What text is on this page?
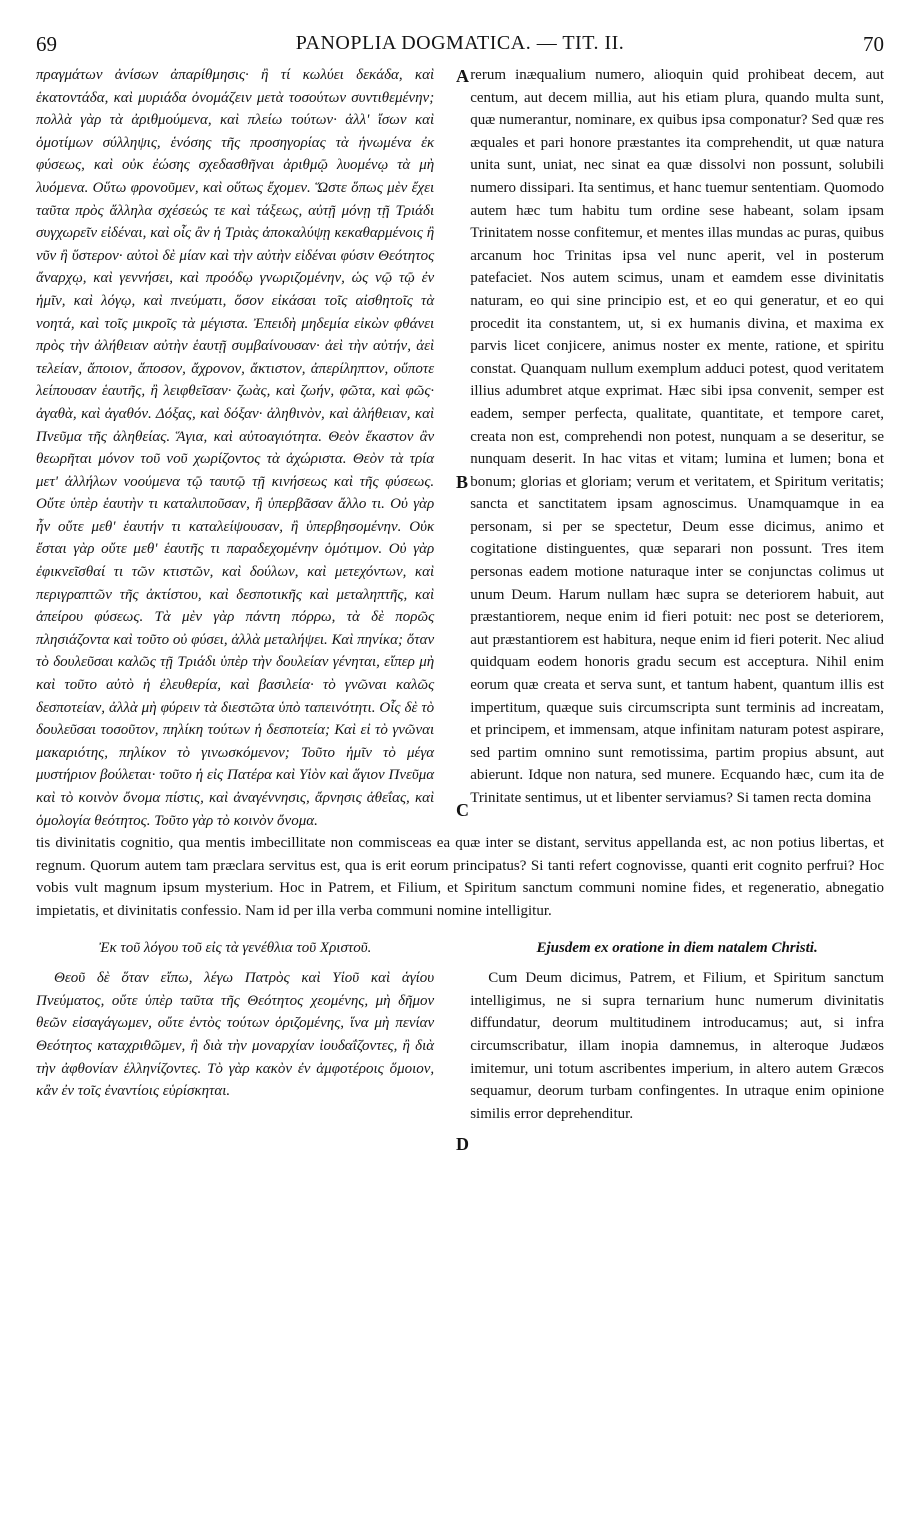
69	PANOPLIA DOGMATICA. — TIT. II.	70

πραγμάτων ἀνίσων ἀπαρίθμησις· ἢ τί κωλύει δεκάδα, καὶ ἑκατοντάδα, καὶ μυριάδα ὀνομάζειν μετὰ τοσούτων συντιθεμένην; πολλὰ γὰρ τὰ ἀριθμούμενα, καὶ πλείω τούτων· ἀλλ' ἴσων καὶ ὁμοτίμων σύλληψις, ἑνόσης τῆς προσηγορίας τὰ ἡνωμένα ἐκ φύσεως, καὶ οὐκ ἐώσης σχεδασθῆναι ἀριθμῷ λυομένῳ τὰ μὴ λυόμενα. Οὕτω φρονοῦμεν, καὶ οὕτως ἔχομεν. Ὥστε ὅπως μὲν ἔχει ταῦτα πρὸς ἄλληλα σχέσεώς τε καὶ τάξεως, αὐτῇ μόνῃ τῇ Τριάδι συγχωρεῖν εἰδέναι, καὶ οἷς ἂν ἡ Τριὰς ἀποκαλύψῃ κεκαθαρμένοις ἢ νῦν ἢ ὕστερον· αὐτοὶ δὲ μίαν καὶ τὴν αὐτὴν εἰδέναι φύσιν Θεότητος ἄναρχῳ, καὶ γεννήσει, καὶ προόδῳ γνωριζομένην, ὡς νῷ τῷ ἐν ἡμῖν, καὶ λόγῳ, καὶ πνεύματι, ὅσον εἰκάσαι τοῖς αἰσθητοῖς τὰ νοητά, καὶ τοῖς μικροῖς τὰ μέγιστα. Ἐπειδὴ μηδεμία εἰκὼν φθάνει πρὸς τὴν ἀλήθειαν αὐτὴν ἑαυτῇ συμβαίνουσαν· ἀεὶ τὴν αὐτήν, ἀεὶ τελείαν, ἄποιον, ἄποσον, ἄχρονον, ἄκτιστον, ἀπερίληπτον, οὔποτε λείπουσαν ἑαυτῆς, ἢ λειφθεῖσαν· ζωὰς, καὶ ζωήν, φῶτα, καὶ φῶς· ἀγαθὰ, καὶ ἀγαθόν. Δόξας, καὶ δόξαν· ἀληθινὸν, καὶ ἀλήθειαν, καὶ Πνεῦμα τῆς ἀληθείας. Ἅγια, καὶ αὐτοαγιότητα. Θεὸν ἕκαστον ἂν θεωρῆται μόνον τοῦ νοῦ χωρίζοντος τὰ ἀχώριστα. Θεὸν τὰ τρία μετ' ἀλλήλων νοούμενα τῷ ταυτῷ τῇ κινήσεως καὶ τῆς φύσεως. Οὔτε ὑπὲρ ἑαυτὴν τι καταλιποῦσαν, ἢ ὑπερβᾶσαν ἄλλο τι. Οὐ γὰρ ἦν οὔτε μεθ' ἑαυτήν τι καταλείψουσαν, ἢ ὑπερβησομένην. Οὐκ ἔσται γὰρ οὔτε μεθ' ἑαυτῆς τι παραδεχομένην ὁμότιμον. Οὐ γὰρ ἐφικνεῖσθαί τι τῶν κτιστῶν, καὶ δούλων, καὶ μετεχόντων, καὶ περιγραπτῶν τῆς ἀκτίστου, καὶ δεσποτικῆς καὶ μεταληπτῆς, καὶ ἀπείρου φύσεως. Τὰ μὲν γὰρ πάντη πόρρω, τὰ δὲ πορῶς πλησιάζοντα καὶ τοῦτο οὐ φύσει, ἀλλὰ μεταλήψει. Καὶ πηνίκα; ὅταν τὸ δουλεῦσαι καλῶς τῇ Τριάδι ὑπὲρ τὴν δουλείαν γένηται, εἴπερ μὴ καὶ τοῦτο αὐτὸ ἡ ἐλευθερία, καὶ βασιλεία· τὸ γνῶναι καλῶς δεσποτείαν, ἀλλὰ μὴ φύρειν τὰ διεστῶτα ὑπὸ ταπεινότητι. Οἷς δὲ τὸ δουλεῦσαι τοσοῦτον, πηλίκη τούτων ἡ δεσποτεία; Καὶ εἰ τὸ γνῶναι μακαριότης, πηλίκον τὸ γινωσκόμενον; Τοῦτο ἡμῖν τὸ μέγα μυστήριον βούλεται· τοῦτο ἡ εἰς Πατέρα καὶ Υἱὸν καὶ ἅγιον Πνεῦμα καὶ τὸ κοινὸν ὄνομα πίστις, καὶ ἀναγέννησις, ἄρνησις ἀθεΐας, καὶ ὁμολογία θεότητος. Τοῦτο γὰρ τὸ κοινὸν ὄνομα.

A
B
C
D

rerum inæqualium numero, alioquin quid prohibeat decem, aut centum, aut decem millia, aut his etiam plura, quando multa sunt, quæ numerantur, nominare, ex quibus ipsa componatur? Sed quæ res æquales et pari honore præstantes ita comprehendit, ut quæ natura unita sunt, uniat, nec sinat ea quæ dissolvi non possunt, solubili numero dissipari. Ita sentimus, et hanc tuemur sententiam. Quomodo autem hæc tum habitu tum ordine sese habeant, solam ipsam Trinitatem nosse confitemur, et mentes illas mundas ac puras, quibus arcanum hoc Trinitas ipsa vel nunc aperit, vel in posterum patefaciet. Nos autem scimus, unam et eamdem esse divinitatis naturam, eo qui sine principio est, et eo qui generatur, et eo qui procedit ita constantem, ut, si ex humanis divina, et maxima ex parvis licet conjicere, animus noster ex mente, ratione, et spiritu constat. Quanquam nullum exemplum adduci potest, quod veritatem illius adumbret atque exprimat. Hæc sibi ipsa convenit, semper est eadem, semper perfecta, qualitate, quantitate, et tempore caret, creata non est, comprehendi non potest, nunquam a se deseritur, se nunquam deserit. In hac vitas et vitam; lumina et lumen; bona et bonum; glorias et gloriam; verum et veritatem, et Spiritum veritatis; sancta et sanctitatem ipsam agnoscimus. Unamquamque in ea personam, si per se spectetur, Deum esse dicimus, animo et cogitatione distinguentes, quæ separari non possunt. Tres item personas eadem motione naturaque inter se conjunctas colimus ut unum Deum. Harum nullam hæc supra se deteriorem habuit, aut præstantiorem, neque enim id fieri potuit: nec post se deteriorem, aut præstantiorem est habitura, neque enim id fieri poterit. Nec aliud quidquam eodem honoris gradu secum est acceptura. Nihil enim eorum quæ creata et serva sunt, et tantum habent, quantum illis est impertitum, quæque suis circumscripta sunt terminis ad increatam, et principem, et immensam, atque infinitam naturam potest aspirare, sed partim omnino sunt remotissima, partim propius absunt, aut abierunt. Idque non natura, sed munere. Ecquando hæc, cum ita de Trinitate sentimus, ut et libenter serviamus? Si tamen recta domina

tis divinitatis cognitio, qua mentis imbecillitate non commisceas ea quæ inter se distant, servitus appellanda est, ac non potius libertas, et regnum. Quorum autem tam præclara servitus est, qua is erit eorum principatus? Si tanti refert cognovisse, quanti erit cognito perfrui? Hoc vobis vult magnum ipsum mysterium. Hoc in Patrem, et Filium, et Spiritum sanctum communi nomine fides, et regeneratio, abnegatio impietatis, et divinitatis confessio. Nam id per illa verba communi nomine intelligitur.

Ἐκ τοῦ λόγου τοῦ εἰς τὰ γενέθλια τοῦ Χριστοῦ.

Θεοῦ δὲ ὅταν εἴπω, λέγω Πατρὸς καὶ Υἱοῦ καὶ ἁγίου Πνεύματος, οὔτε ὑπὲρ ταῦτα τῆς Θεότητος χεομένης, μὴ δῆμον θεῶν εἰσαγάγωμεν, οὔτε ἐντὸς τούτων ὁριζομένης, ἵνα μὴ πενίαν Θεότητος καταχριθῶμεν, ἢ διὰ τὴν μοναρχίαν ἰουδαΐζοντες, ἢ διὰ τὴν ἀφθονίαν ἑλληνίζοντες. Τὸ γὰρ κακὸν ἐν ἀμφοτέροις ὅμοιον, κἂν ἐν τοῖς ἐναντίοις εὑρίσκηται.

Ejusdem ex oratione in diem natalem Christi.

Cum Deum dicimus, Patrem, et Filium, et Spiritum sanctum intelligimus, ne si supra ternarium hunc numerum divinitatis diffundatur, deorum multitudinem introducamus; aut, si infra circumscribatur, illam inopia damnemus, in alteroque Judæos imitemur, uni totum ascribentes imperium, in altero autem Græcos sequamur, deorum turbam confingentes. In utraque enim opinione similis error deprehenditur.
